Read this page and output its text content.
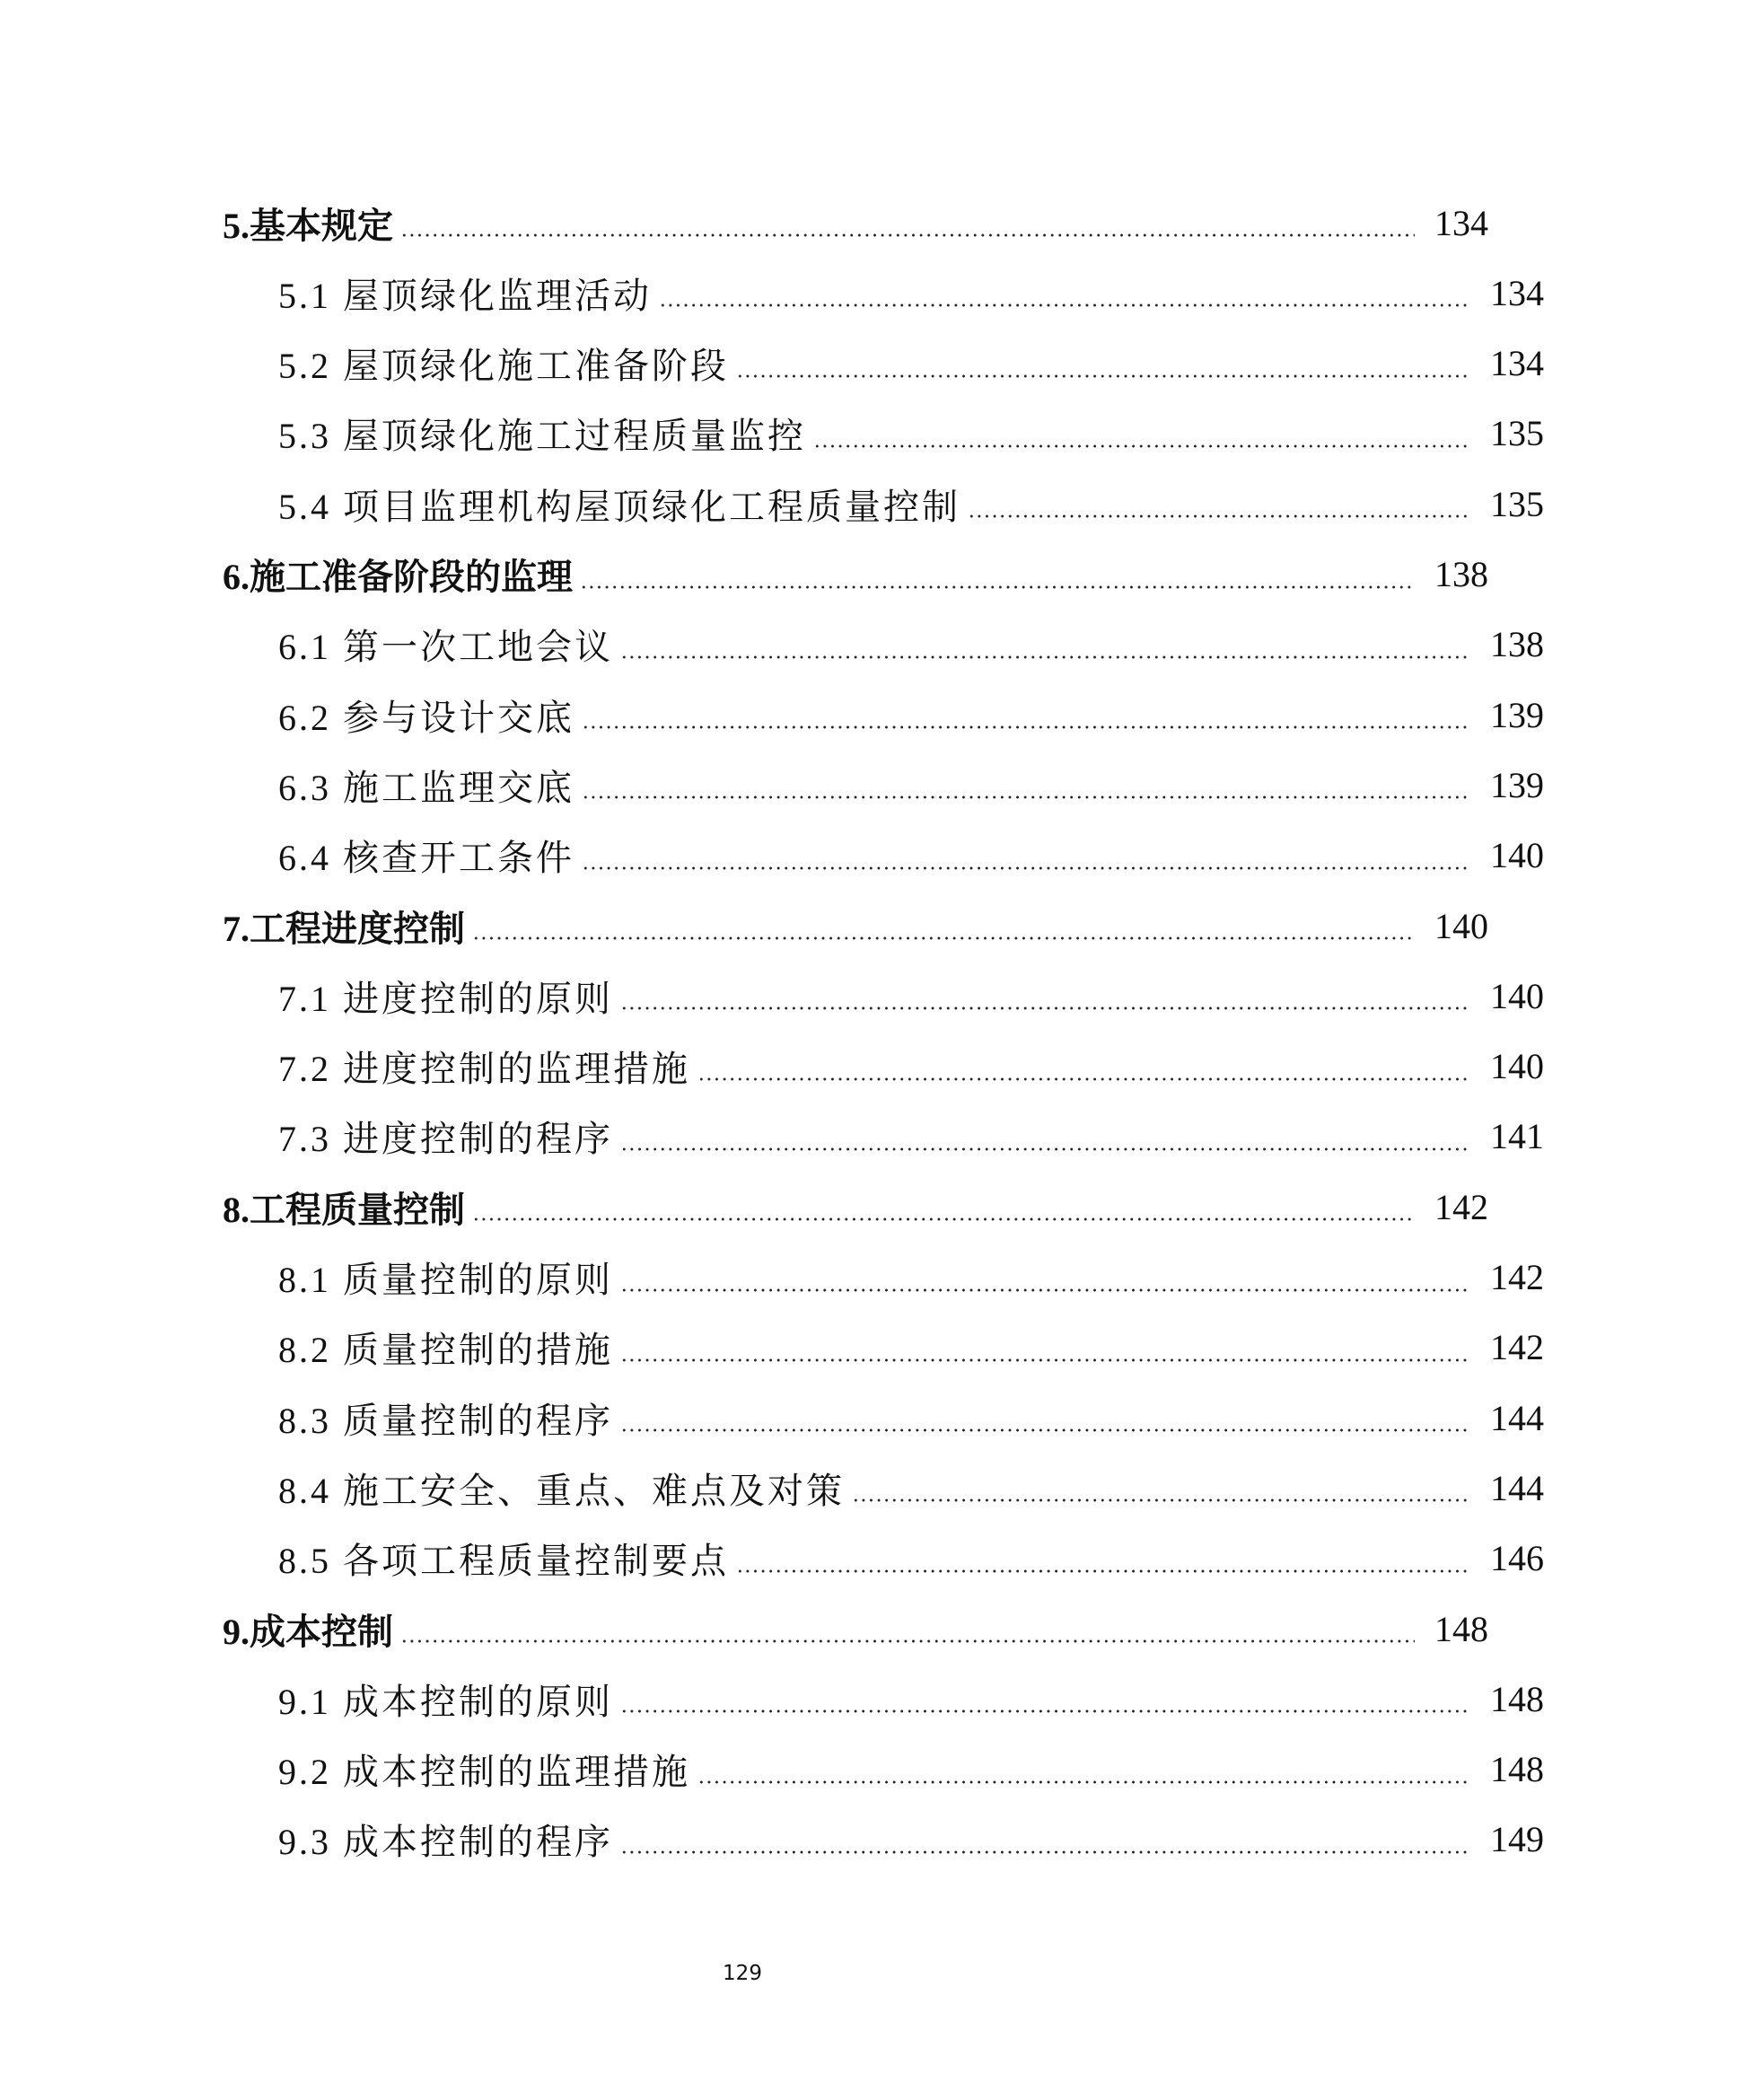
5.基本规定	134
5.1 屋顶绿化监理活动	134
5.2 屋顶绿化施工准备阶段	134
5.3 屋顶绿化施工过程质量监控	135
5.4 项目监理机构屋顶绿化工程质量控制	135
6.施工准备阶段的监理	138
6.1 第一次工地会议	138
6.2 参与设计交底	139
6.3 施工监理交底	139
6.4 核查开工条件	140
7.工程进度控制	140
7.1 进度控制的原则	140
7.2 进度控制的监理措施	140
7.3 进度控制的程序	141
8.工程质量控制	142
8.1 质量控制的原则	142
8.2 质量控制的措施	142
8.3 质量控制的程序	144
8.4 施工安全、重点、难点及对策	144
8.5 各项工程质量控制要点	146
9.成本控制	148
9.1 成本控制的原则	148
9.2 成本控制的监理措施	148
9.3 成本控制的程序	149
129
